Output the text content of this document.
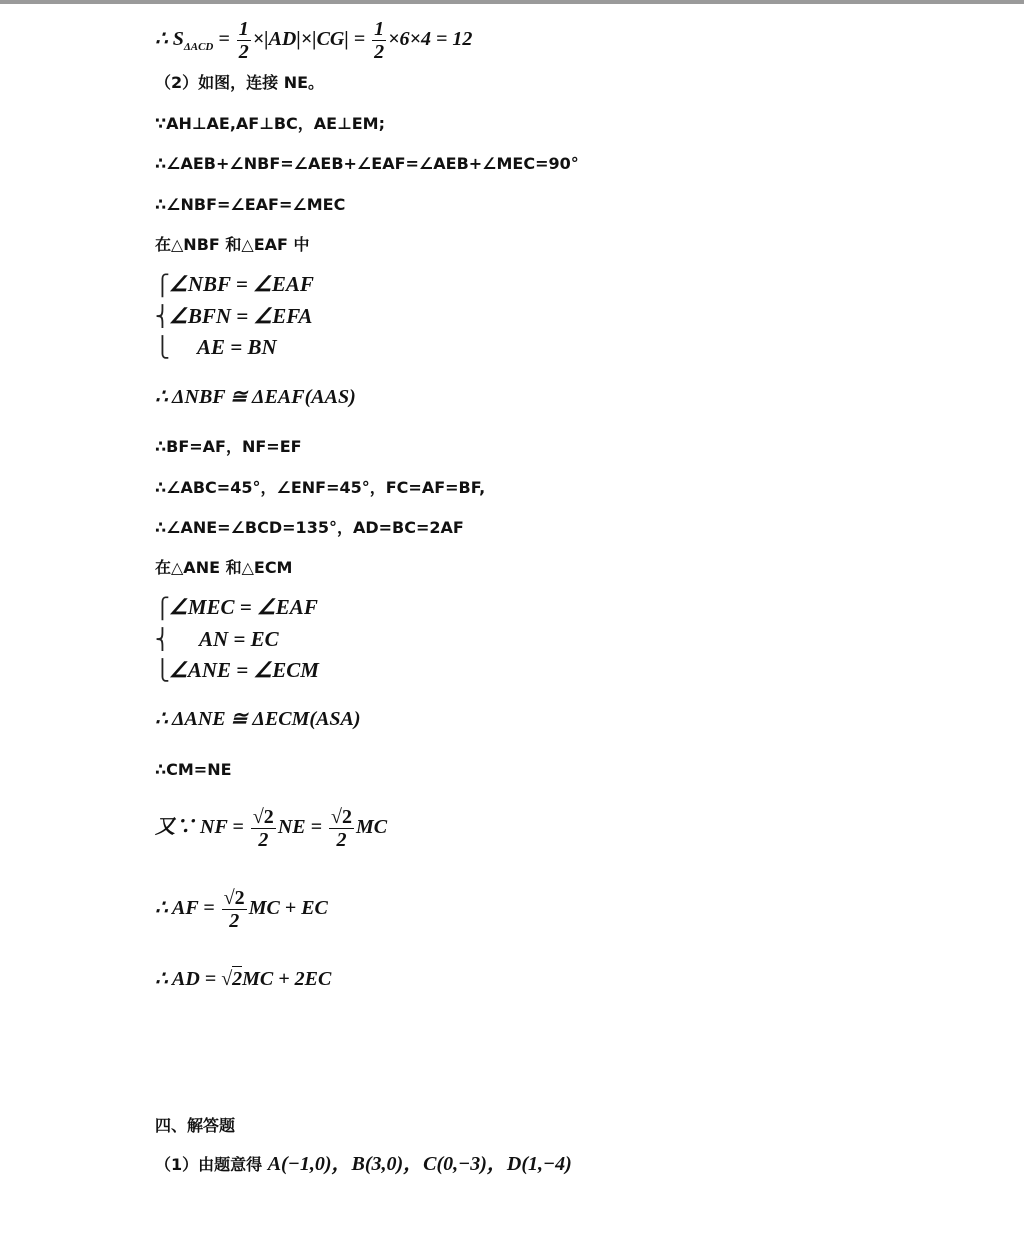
∴ $S_{\Delta ACD} = \frac{1}{2} \times|AD|\times|CG| = \frac{1}{2} \times 6\times 4 = 12$
（2）如图，连接 NE。
∵AH⊥AE,AF⊥BC，AE⊥EM;
∴∠AEB+∠NBF=∠AEB+∠EAF=∠AEB+∠MEC=90°
∴∠NBF=∠EAF=∠MEC
在△NBF 和△EAF 中
⎧
⎨
⎩
∠NBF = ∠EAF
∠BFN = ∠EFA
AE = BN
∴ ΔNBF ≅ ΔEAF(AAS)
∴BF=AF，NF=EF
∴∠ABC=45°，∠ENF=45°，FC=AF=BF,
∴∠ANE=∠BCD=135°，AD=BC=2AF
在△ANE 和△ECM
⎧
⎨
⎩
∠MEC = ∠EAF
AN = EC
∠ANE = ∠ECM
∴ ΔANE ≅ ΔECM(ASA)
∴CM=NE
又∵ NF = $\frac{√2}{2}$ NE = $\frac{√2}{2}$ MC
∴ AF = $\frac{√2}{2}$ MC + EC
∴ AD = √2MC + 2EC
四、解答题
（1）由题意得 A(−1,0)，B(3,0)，C(0,−3)，D(1,−4)
